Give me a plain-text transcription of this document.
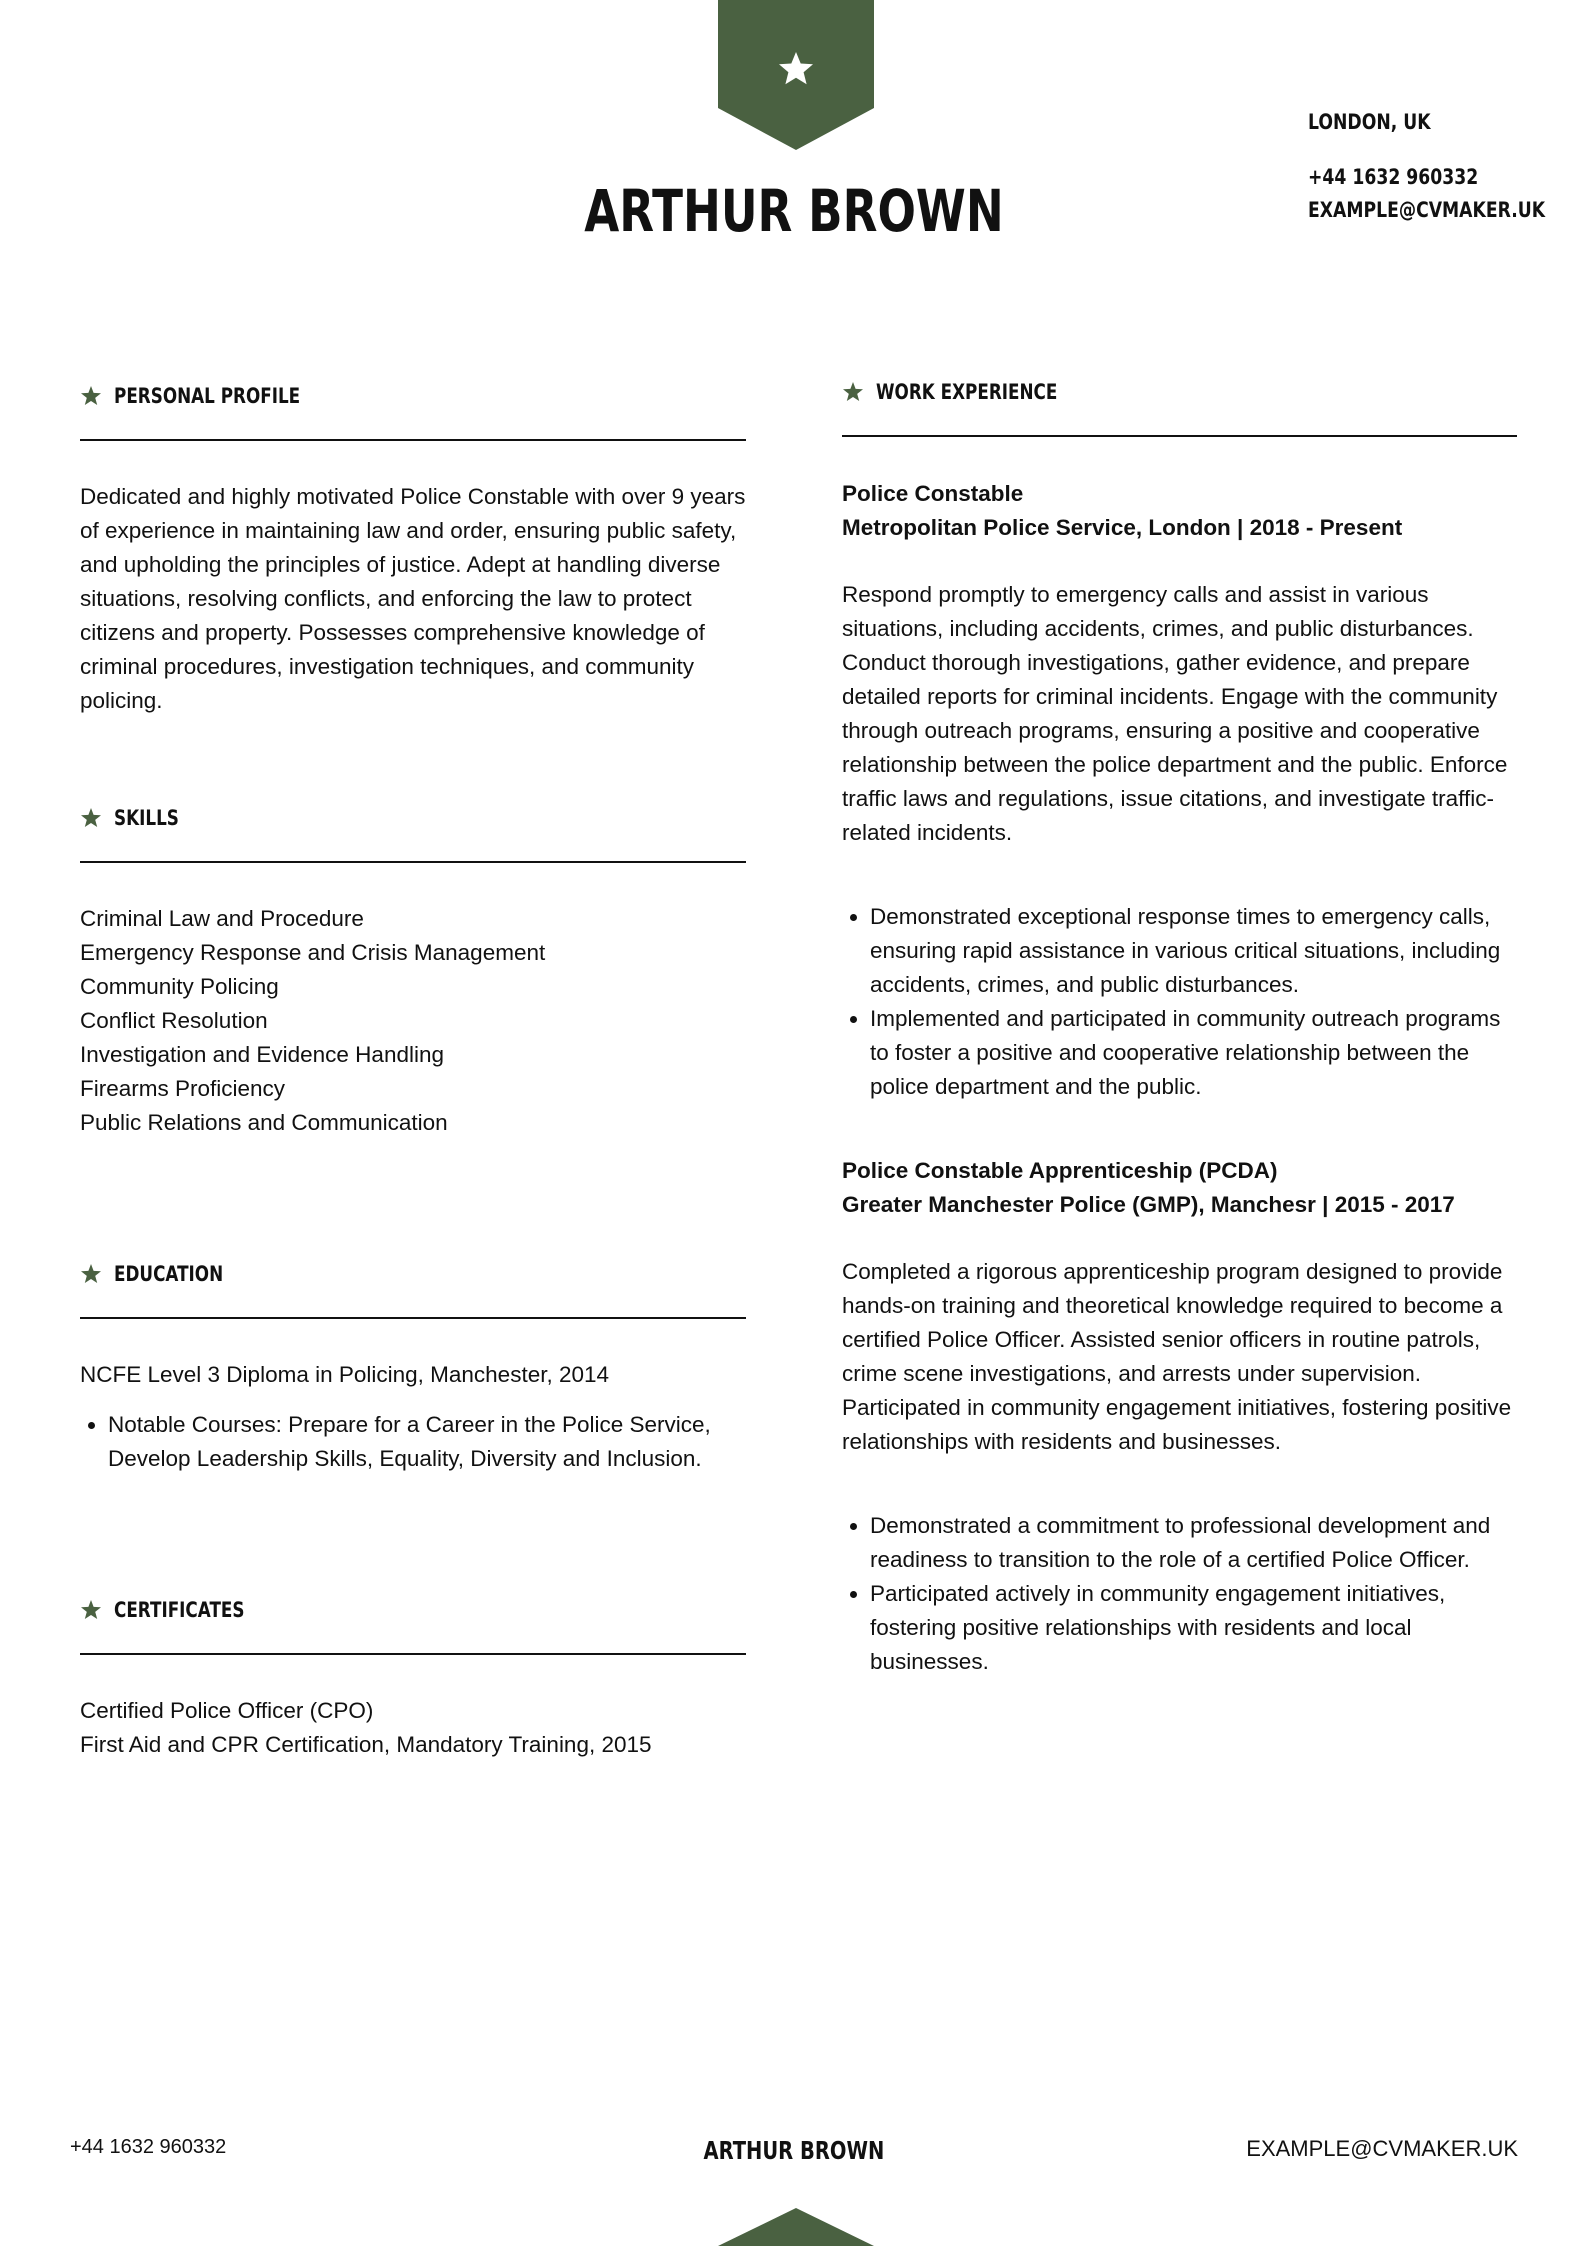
ARTHUR BROWN
LONDON, UK
+44 1632 960332
EXAMPLE@CVMAKER.UK
PERSONAL PROFILE

Dedicated and highly motivated Police Constable with over 9 years of experience in maintaining law and order, ensuring public safety, and upholding the principles of justice. Adept at handling diverse situations, resolving conflicts, and enforcing the law to protect citizens and property. Possesses comprehensive knowledge of criminal procedures, investigation techniques, and community policing.

SKILLS
Criminal Law and Procedure
Emergency Response and Crisis Management
Community Policing
Conflict Resolution
Investigation and Evidence Handling
Firearms Proficiency
Public Relations and Communication
EDUCATION
NCFE Level 3 Diploma in Policing, Manchester, 2014
• Notable Courses: Prepare for a Career in the Police Service, Develop Leadership Skills, Equality, Diversity and Inclusion.
CERTIFICATES
Certified Police Officer (CPO)
First Aid and CPR Certification, Mandatory Training, 2015
WORK EXPERIENCE
Police Constable
Metropolitan Police Service, London | 2018 - Present

Respond promptly to emergency calls and assist in various situations, including accidents, crimes, and public disturbances. Conduct thorough investigations, gather evidence, and prepare detailed reports for criminal incidents. Engage with the community through outreach programs, ensuring a positive and cooperative relationship between the police department and the public. Enforce traffic laws and regulations, issue citations, and investigate traffic-related incidents.

• Demonstrated exceptional response times to emergency calls, ensuring rapid assistance in various critical situations, including accidents, crimes, and public disturbances.
• Implemented and participated in community outreach programs to foster a positive and cooperative relationship between the police department and the public.
Police Constable Apprenticeship (PCDA)
Greater Manchester Police (GMP), Manchesr | 2015 - 2017

Completed a rigorous apprenticeship program designed to provide hands-on training and theoretical knowledge required to become a certified Police Officer. Assisted senior officers in routine patrols, crime scene investigations, and arrests under supervision. Participated in community engagement initiatives, fostering positive relationships with residents and businesses.

• Demonstrated a commitment to professional development and readiness to transition to the role of a certified Police Officer.
• Participated actively in community engagement initiatives, fostering positive relationships with residents and local businesses.
+44 1632 960332	ARTHUR BROWN	EXAMPLE@CVMAKER.UK
